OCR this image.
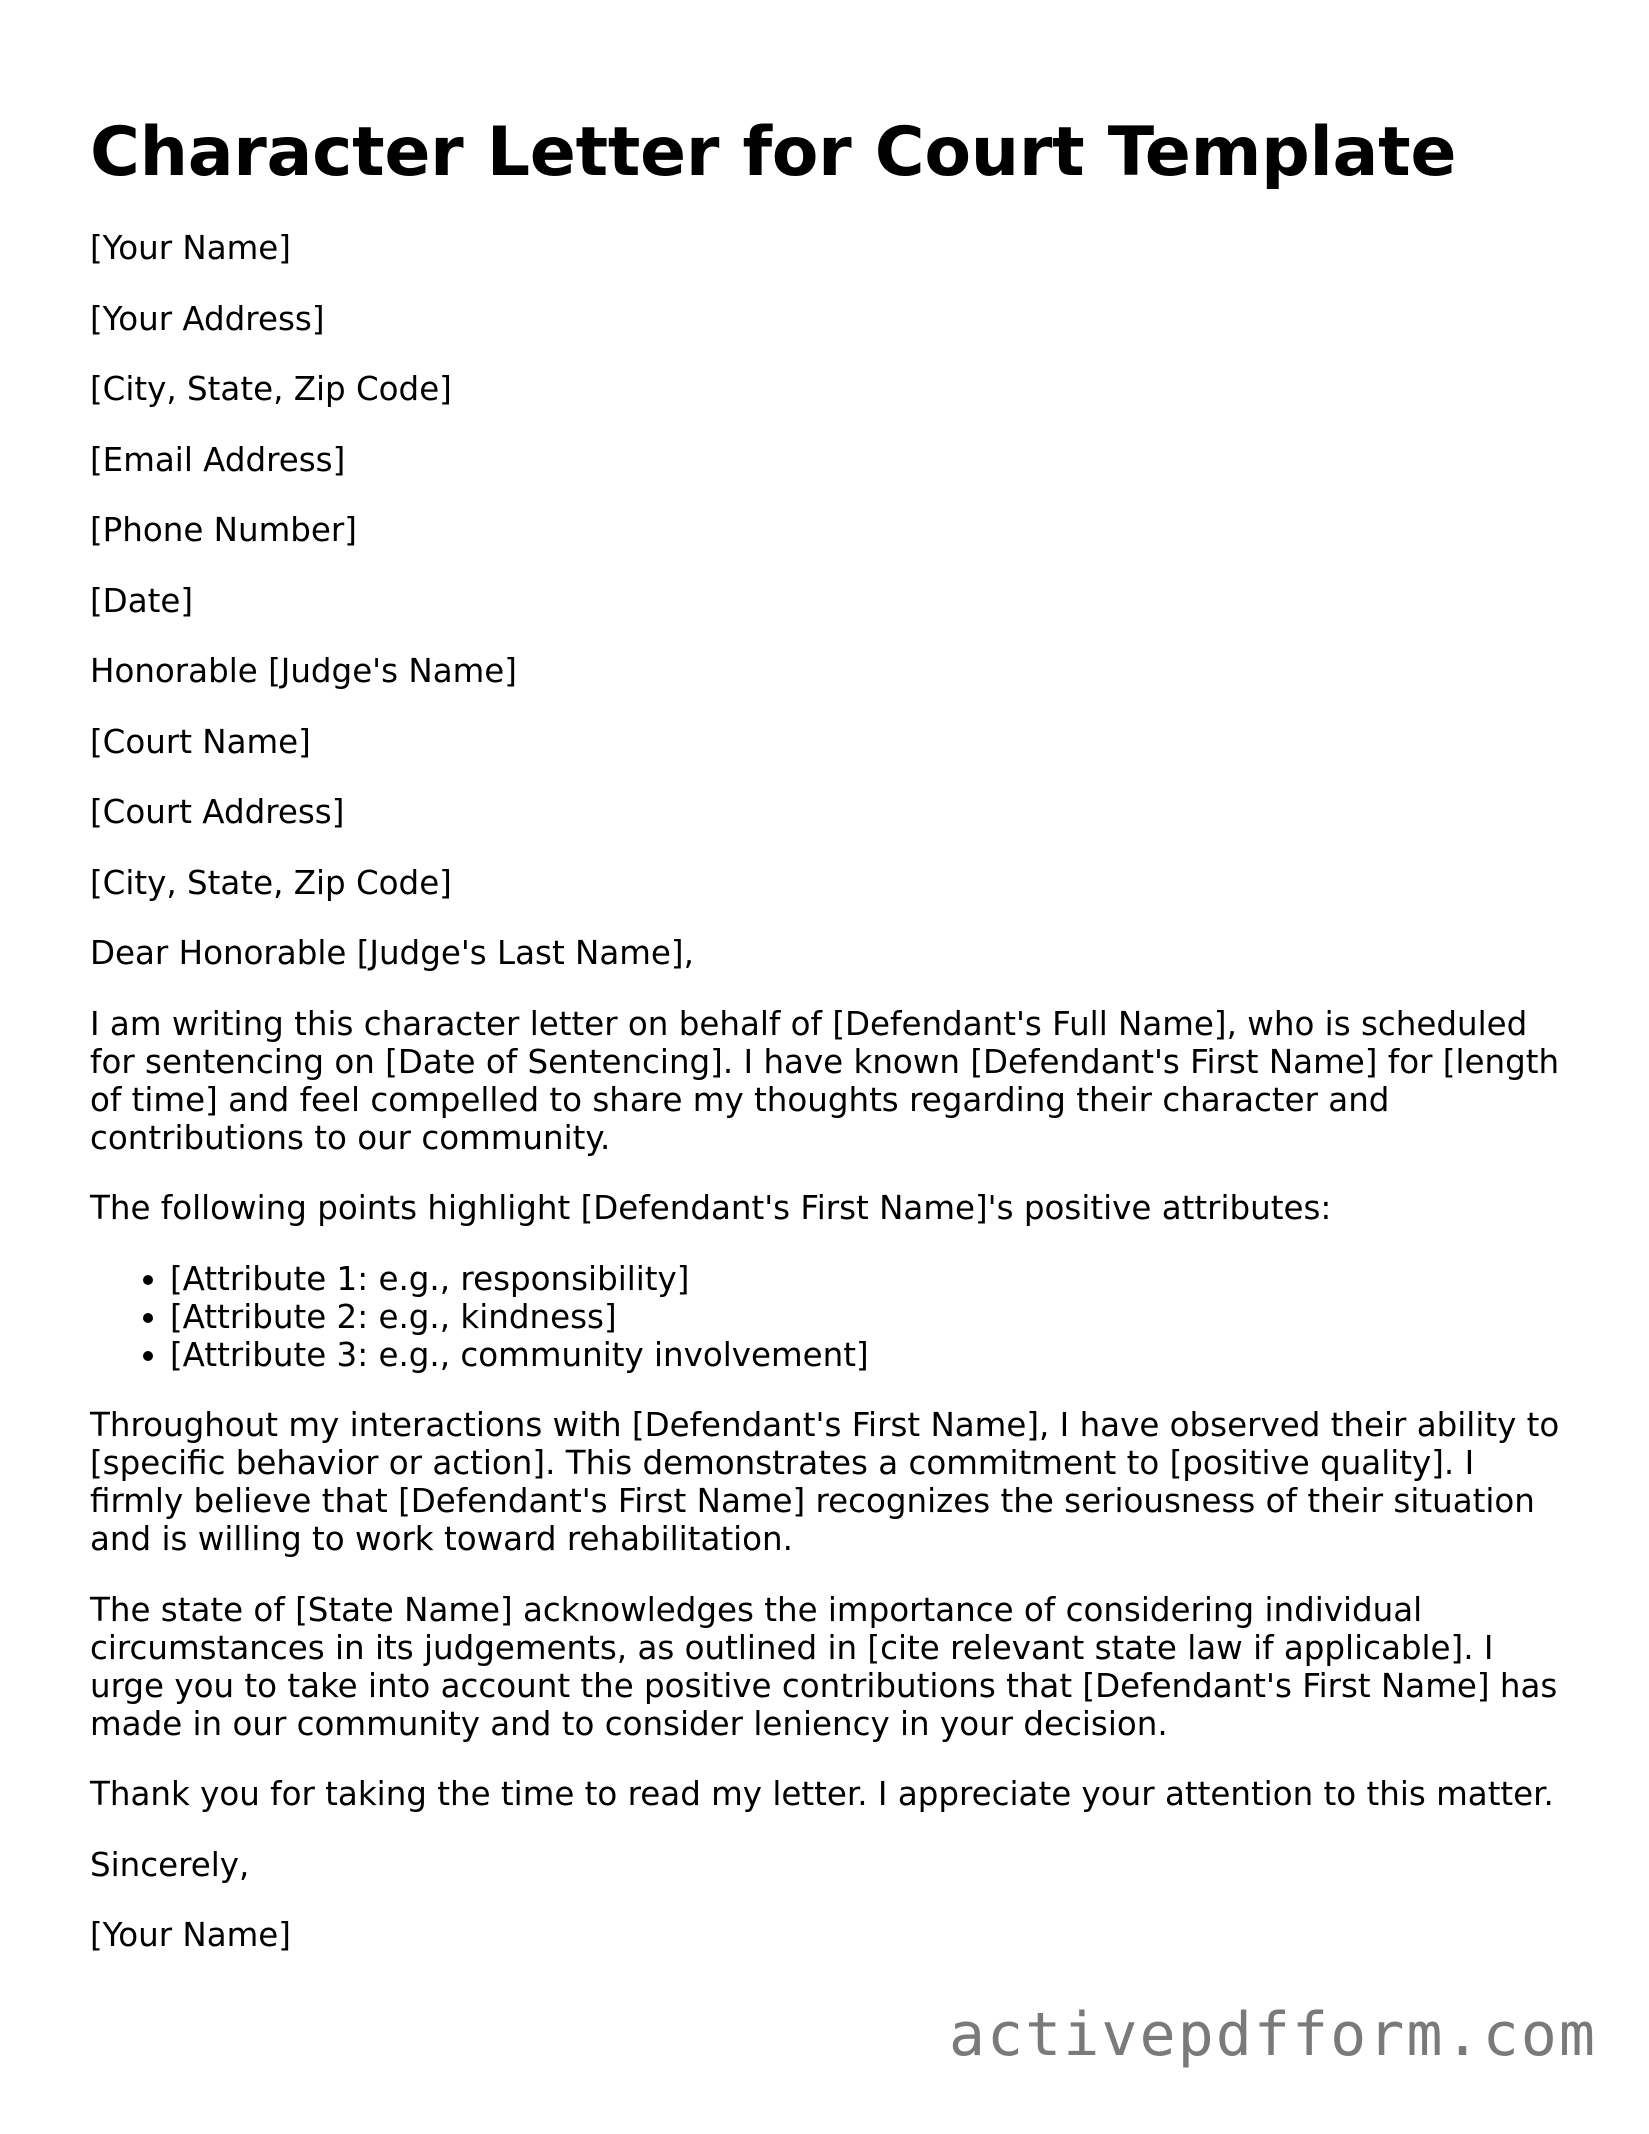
Character Letter for Court Template

[Your Name]

[Your Address]

[City, State, Zip Code]

[Email Address]

[Phone Number]

[Date]

Honorable [Judge's Name]

[Court Name]

[Court Address]

[City, State, Zip Code]

Dear Honorable [Judge's Last Name],

I am writing this character letter on behalf of [Defendant's Full Name], who is scheduled for sentencing on [Date of Sentencing]. I have known [Defendant's First Name] for [length of time] and feel compelled to share my thoughts regarding their character and contributions to our community.

The following points highlight [Defendant's First Name]'s positive attributes:

• [Attribute 1: e.g., responsibility]
• [Attribute 2: e.g., kindness]
• [Attribute 3: e.g., community involvement]

Throughout my interactions with [Defendant's First Name], I have observed their ability to [specific behavior or action]. This demonstrates a commitment to [positive quality]. I firmly believe that [Defendant's First Name] recognizes the seriousness of their situation and is willing to work toward rehabilitation.

The state of [State Name] acknowledges the importance of considering individual circumstances in its judgements, as outlined in [cite relevant state law if applicable]. I urge you to take into account the positive contributions that [Defendant's First Name] has made in our community and to consider leniency in your decision.

Thank you for taking the time to read my letter. I appreciate your attention to this matter.

Sincerely,

[Your Name]

activepdfform.com
